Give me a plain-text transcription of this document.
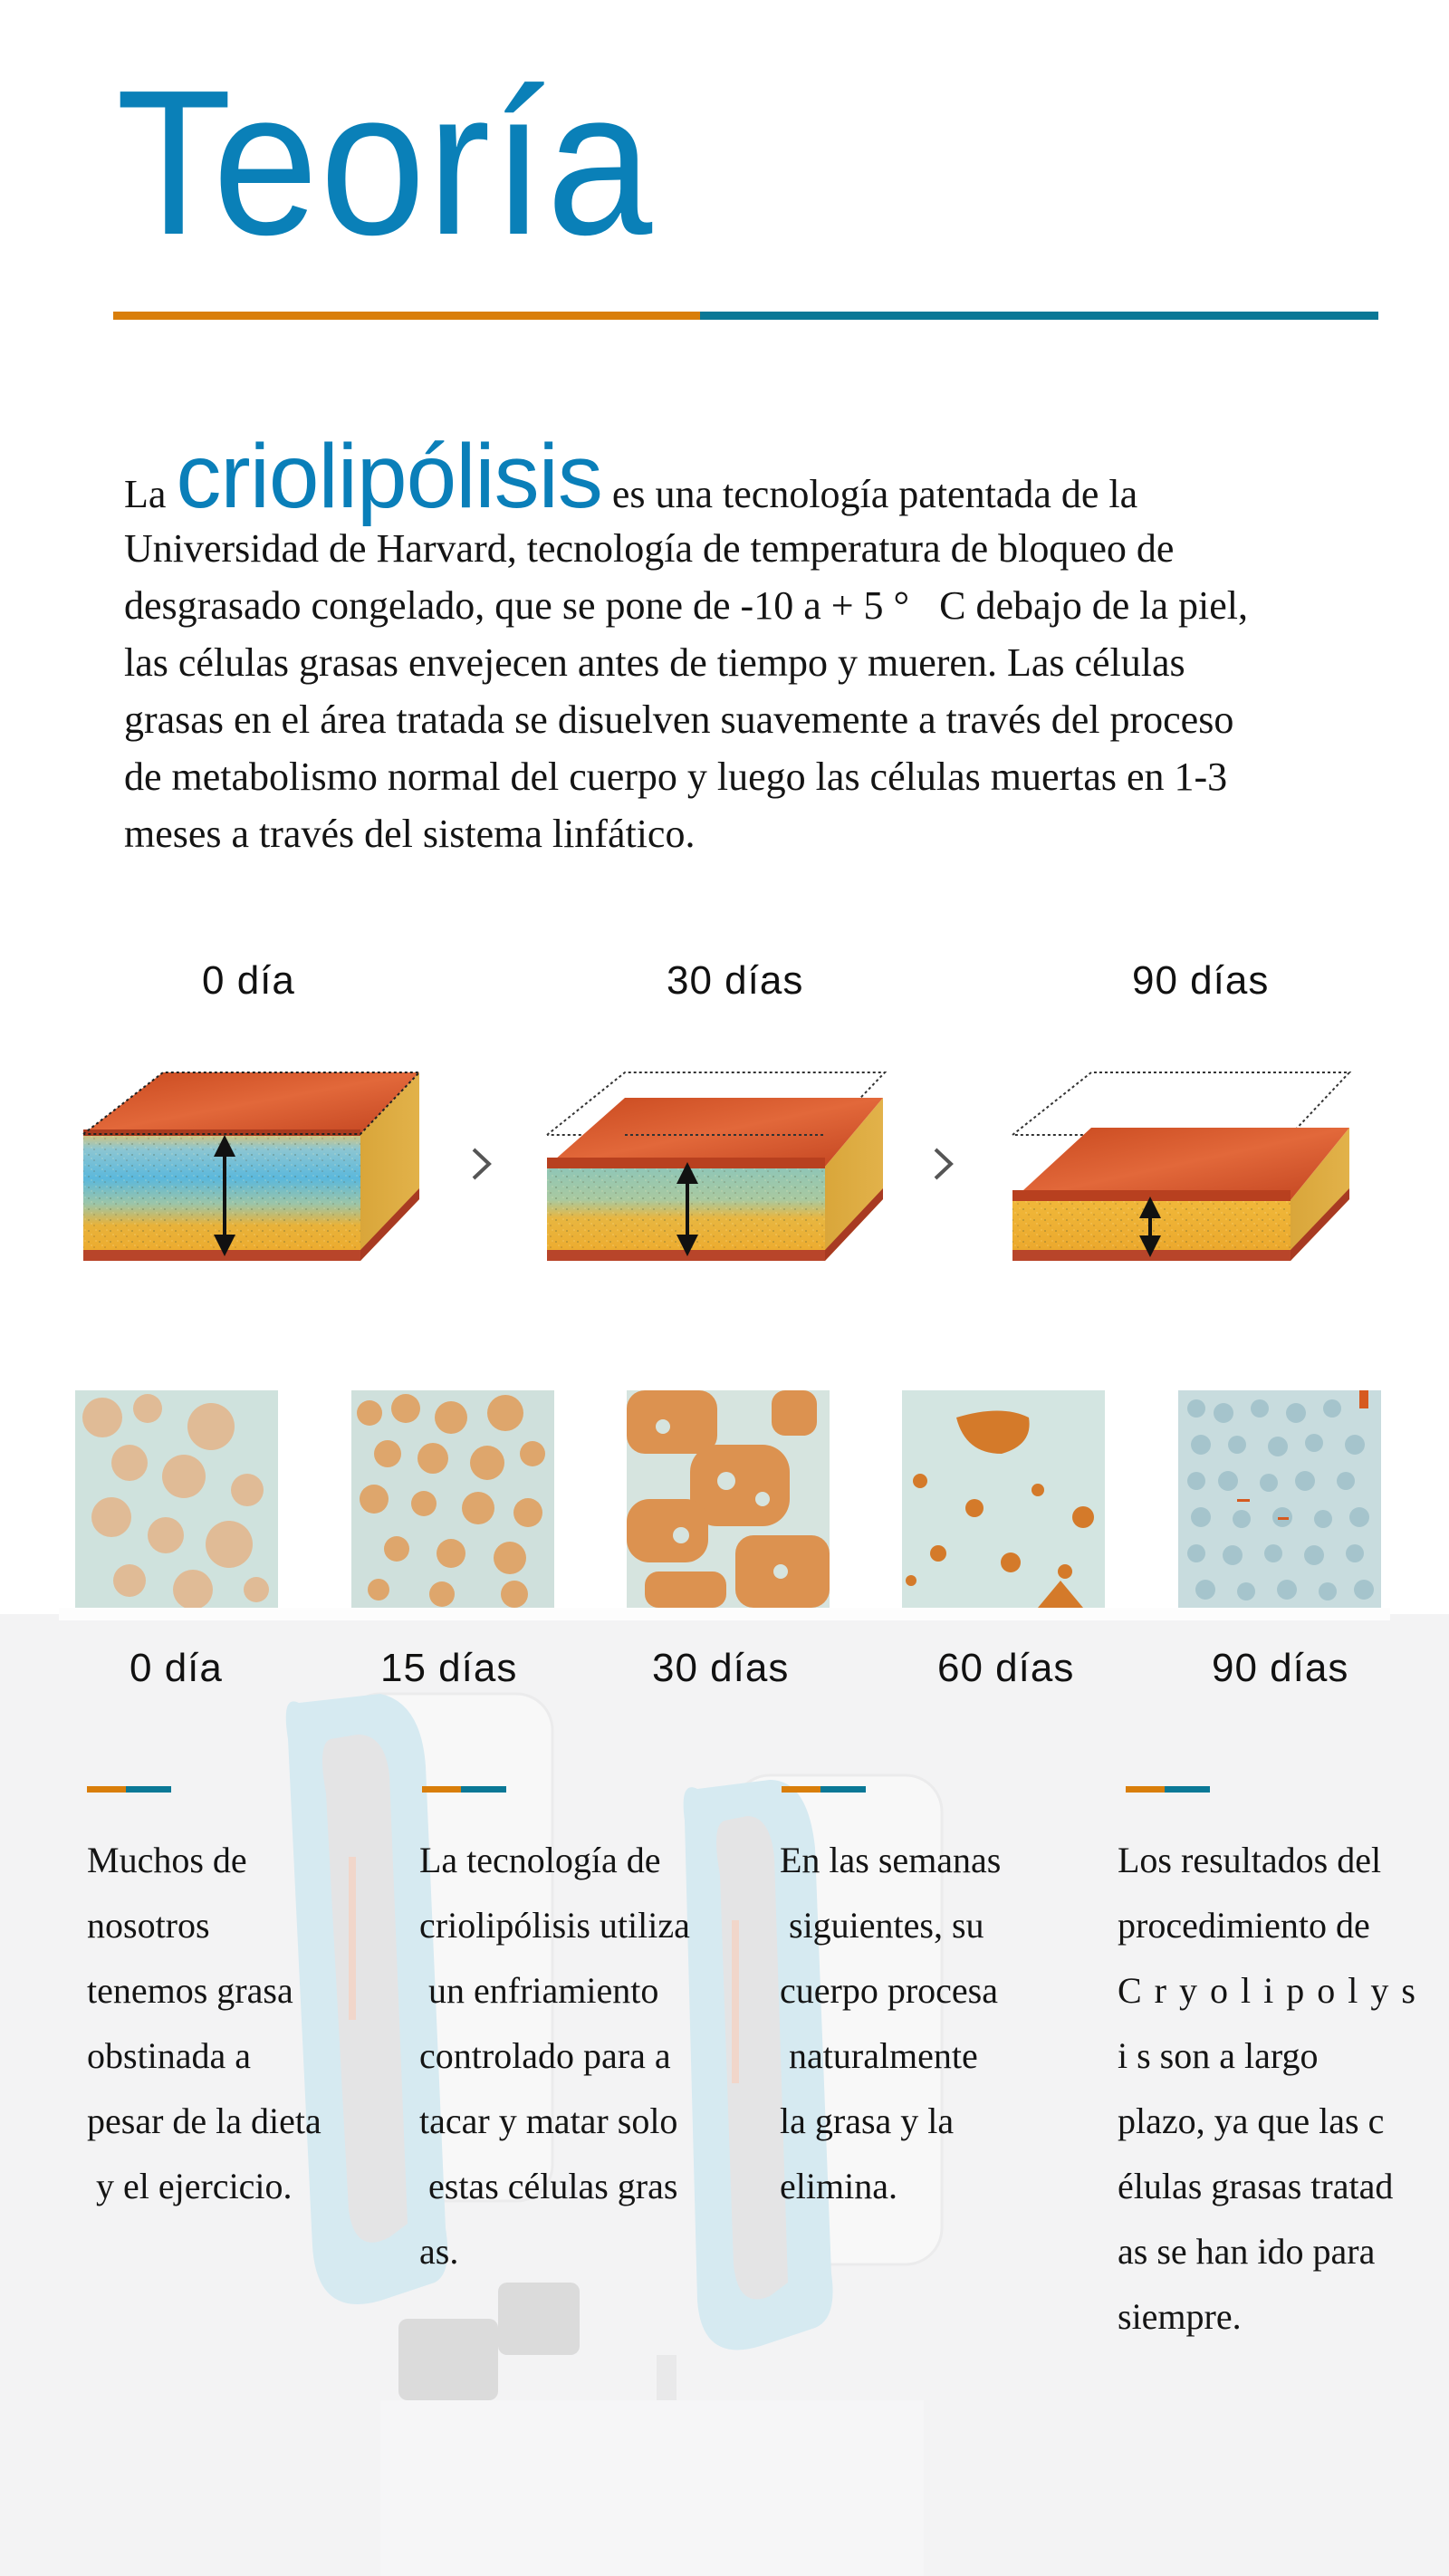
Teoría
La criolipólisis es una tecnología patentada de la
Universidad de Harvard, tecnología de temperatura de bloqueo de
desgrasado congelado, que se pone de -10 a + 5 °   C debajo de la piel,
las células grasas envejecen antes de tiempo y mueren. Las células
grasas en el área tratada se disuelven suavemente a través del proceso
de metabolismo normal del cuerpo y luego las células muertas en 1-3
meses a través del sistema linfático.
0 día	30 días	90 días
0 día	15 días	30 días	60 días	90 días
Muchos de
nosotros
tenemos grasa
obstinada a
pesar de la dieta
y el ejercicio.
La tecnología de
criolipólisis utiliza
un enfriamiento
controlado para a
tacar y matar solo
estas células gras
as.
En las semanas
siguientes, su
cuerpo procesa
naturalmente
la grasa y la
elimina.
Los resultados del
procedimiento de
Cryolipolys
i s son a largo
plazo, ya que las c
élulas grasas tratad
as se han ido para
siempre.
